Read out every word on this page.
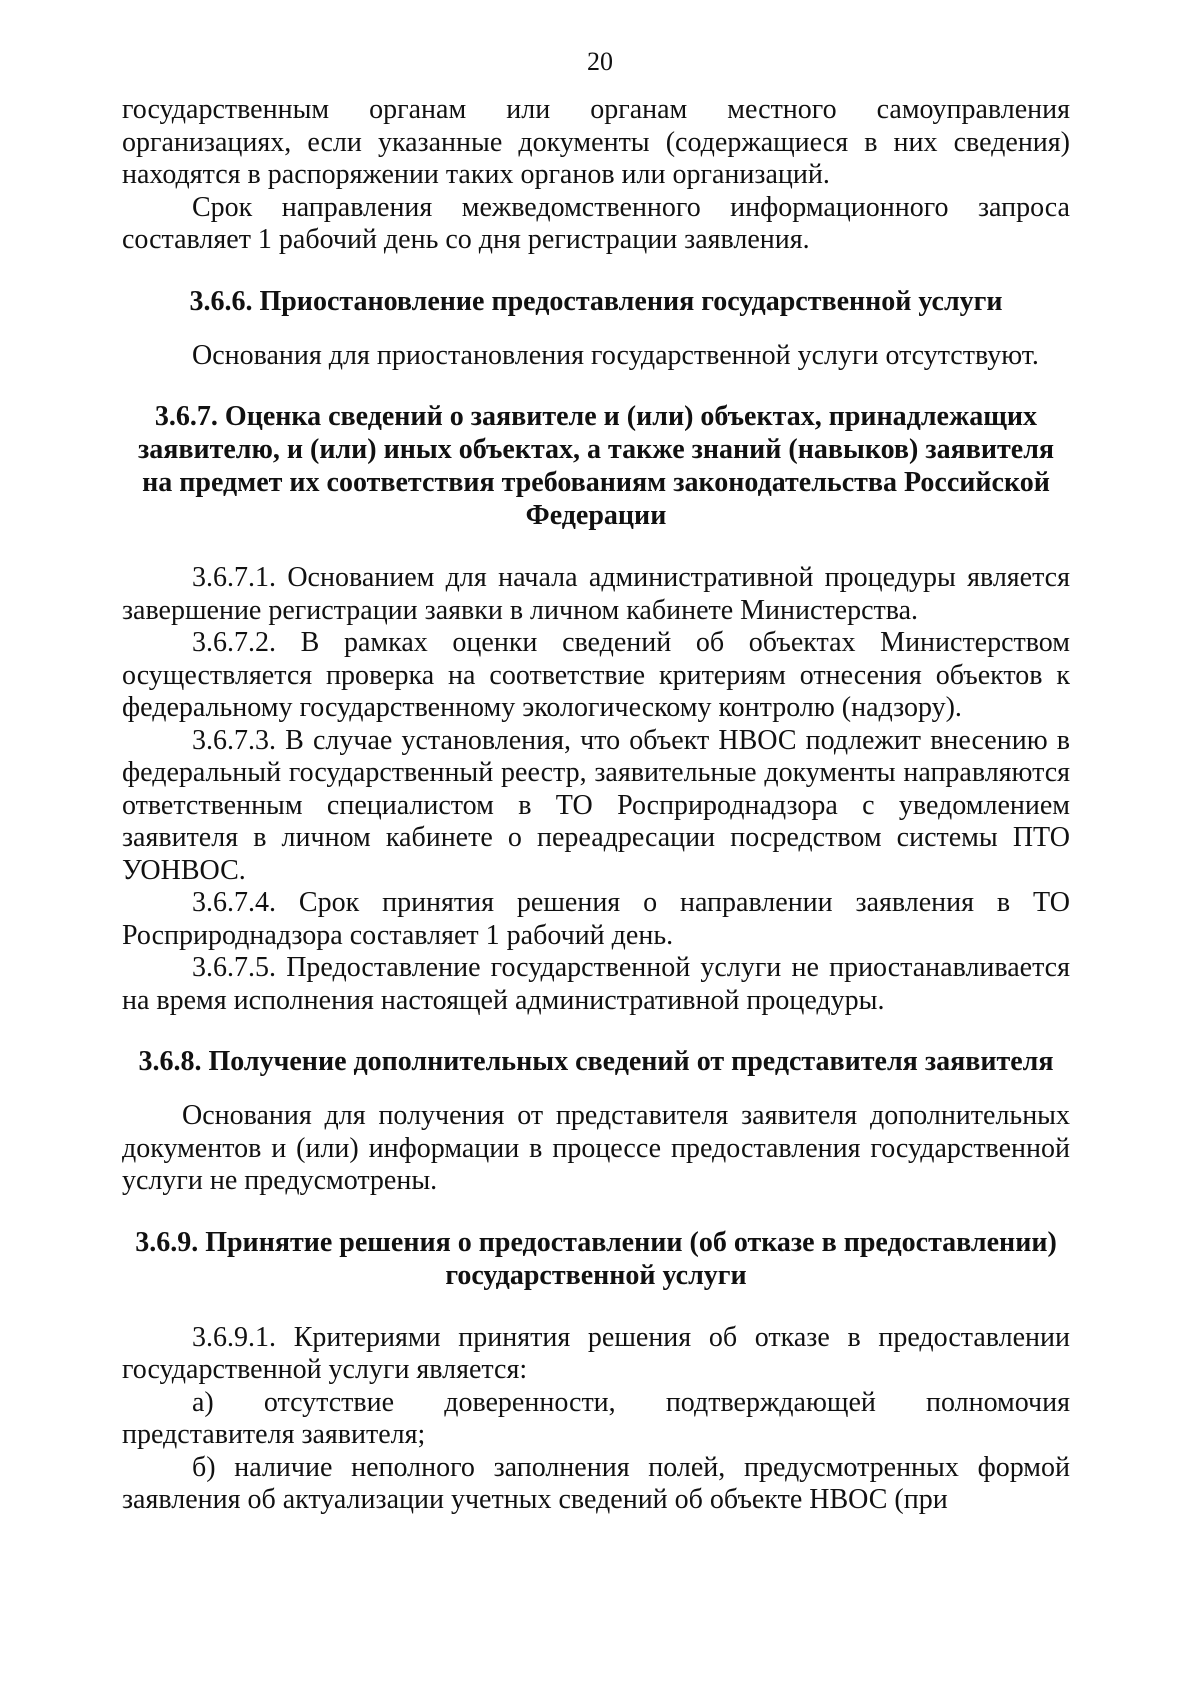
20

государственным органам или органам местного самоуправления организациях, если указанные документы (содержащиеся в них сведения) находятся в распоряжении таких органов или организаций.

Срок направления межведомственного информационного запроса составляет 1 рабочий день со дня регистрации заявления.

3.6.6. Приостановление предоставления государственной услуги

Основания для приостановления государственной услуги отсутствуют.

3.6.7. Оценка сведений о заявителе и (или) объектах, принадлежащих заявителю, и (или) иных объектах, а также знаний (навыков) заявителя на предмет их соответствия требованиям законодательства Российской Федерации

3.6.7.1. Основанием для начала административной процедуры является завершение регистрации заявки в личном кабинете Министерства.

3.6.7.2. В рамках оценки сведений об объектах Министерством осуществляется проверка на соответствие критериям отнесения объектов к федеральному государственному экологическому контролю (надзору).

3.6.7.3. В случае установления, что объект НВОС подлежит внесению в федеральный государственный реестр, заявительные документы направляются ответственным специалистом в ТО Росприроднадзора с уведомлением заявителя в личном кабинете о переадресации посредством системы ПТО УОНВОС.

3.6.7.4. Срок принятия решения о направлении заявления в ТО Росприроднадзора составляет 1 рабочий день.

3.6.7.5. Предоставление государственной услуги не приостанавливается на время исполнения настоящей административной процедуры.

3.6.8. Получение дополнительных сведений от представителя заявителя

Основания для получения от представителя заявителя дополнительных документов и (или) информации в процессе предоставления государственной услуги не предусмотрены.

3.6.9. Принятие решения о предоставлении (об отказе в предоставлении) государственной услуги

3.6.9.1. Критериями принятия решения об отказе в предоставлении государственной услуги является:

а) отсутствие доверенности, подтверждающей полномочия представителя заявителя;

б) наличие неполного заполнения полей, предусмотренных формой заявления об актуализации учетных сведений об объекте НВОС (при
